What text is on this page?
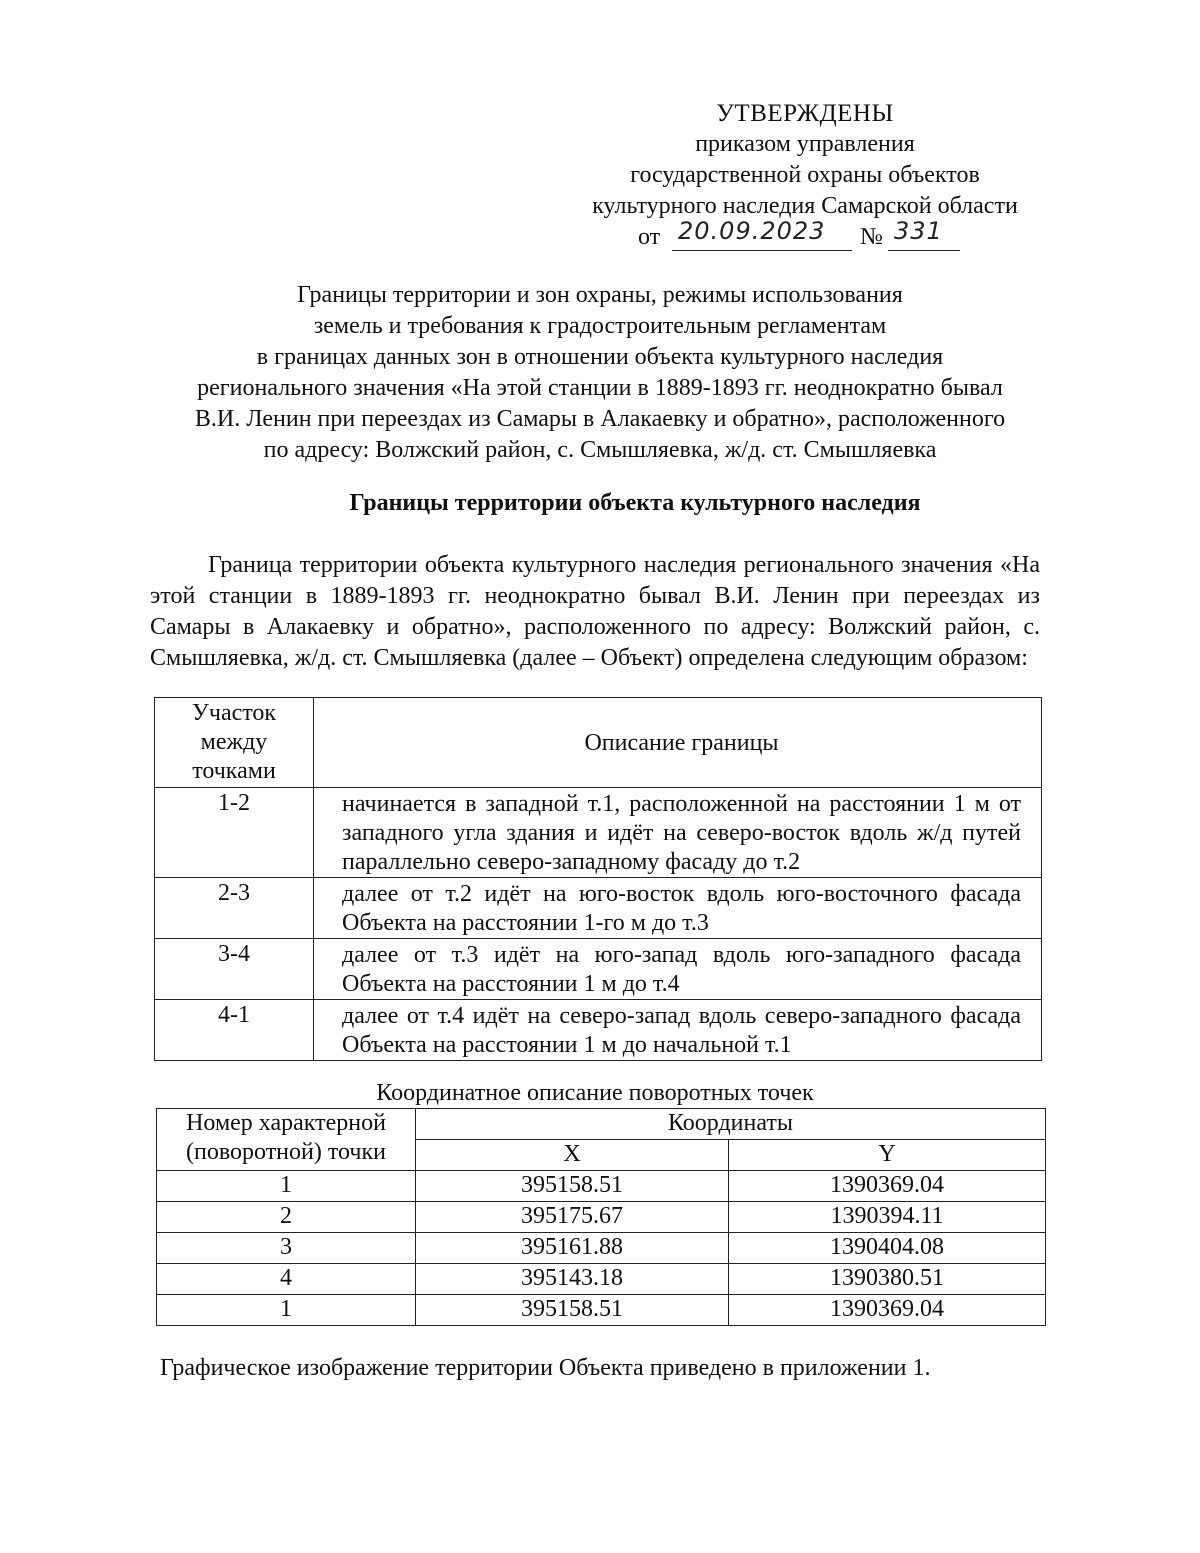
УТВЕРЖДЕНЫ
приказом управления
государственной охраны объектов
культурного наследия Самарской области
от 20.09.2023 № 331
Границы территории и зон охраны, режимы использования
земель и требования к градостроительным регламентам
в границах данных зон в отношении объекта культурного наследия
регионального значения «На этой станции в 1889-1893 гг. неоднократно бывал
В.И. Ленин при переездах из Самары в Алакаевку и обратно», расположенного
по адресу: Волжский район, с. Смышляевка, ж/д. ст. Смышляевка
Границы территории объекта культурного наследия
Граница территории объекта культурного наследия регионального значения «На этой станции в 1889-1893 гг. неоднократно бывал В.И. Ленин при переездах из Самары в Алакаевку и обратно», расположенного по адресу: Волжский район, с. Смышляевка, ж/д. ст. Смышляевка (далее – Объект) определена следующим образом:
Участок между точками	Описание границы
1-2	начинается в западной т.1, расположенной на расстоянии 1 м от западного угла здания и идёт на северо-восток вдоль ж/д путей параллельно северо-западному фасаду до т.2
2-3	далее от т.2 идёт на юго-восток вдоль юго-восточного фасада Объекта на расстоянии 1-го м до т.3
3-4	далее от т.3 идёт на юго-запад вдоль юго-западного фасада Объекта на расстоянии 1 м до т.4
4-1	далее от т.4 идёт на северо-запад вдоль северо-западного фасада Объекта на расстоянии 1 м до начальной т.1
Координатное описание поворотных точек
Номер характерной
(поворотной) точки	Координаты	
	X	Y
1	395158.51	1390369.04
2	395175.67	1390394.11
3	395161.88	1390404.08
4	395143.18	1390380.51
1	395158.51	1390369.04
Графическое изображение территории Объекта приведено в приложении 1.
